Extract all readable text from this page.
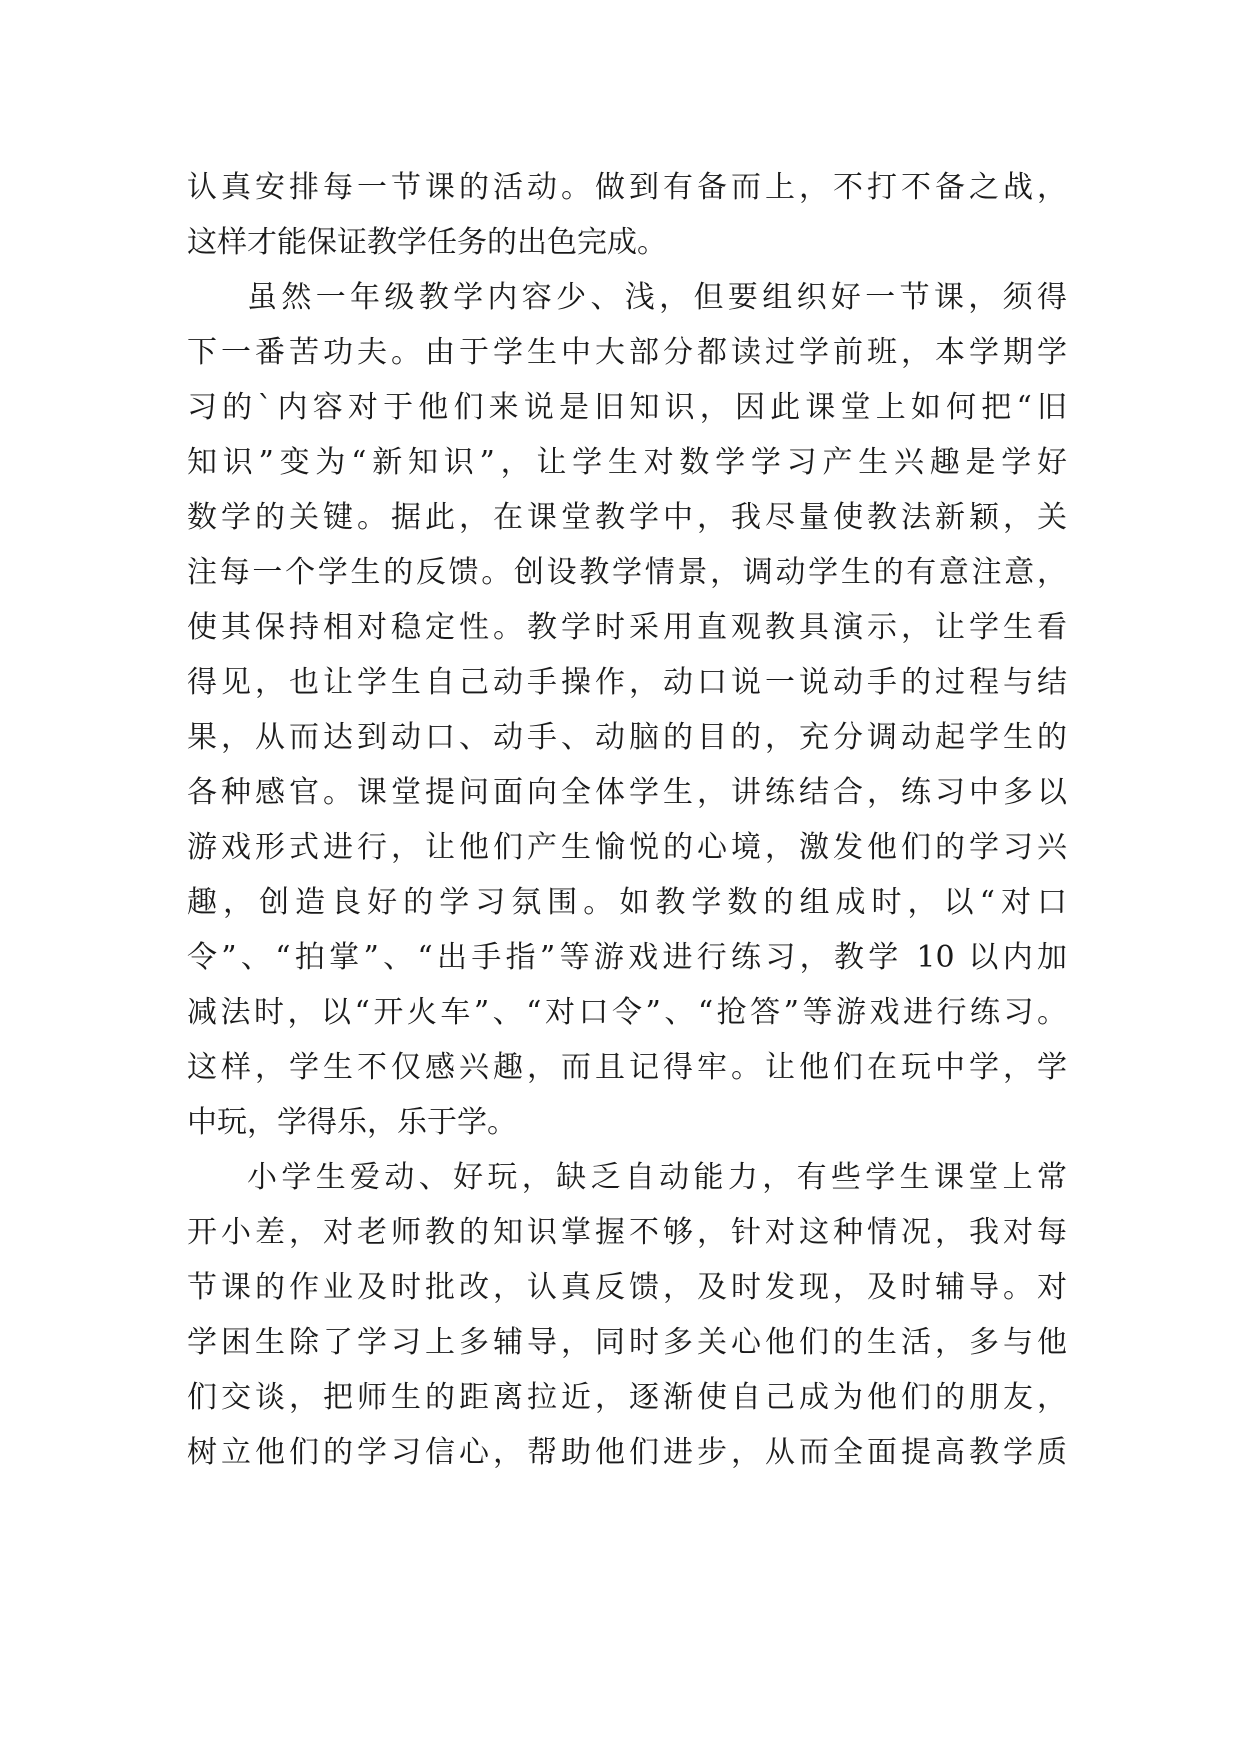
认真安排每一节课的活动。做到有备而上，不打不备之战，
这样才能保证教学任务的出色完成。
虽然一年级教学内容少、浅，但要组织好一节课，须得
下一番苦功夫。由于学生中大部分都读过学前班，本学期学
习的`内容对于他们来说是旧知识，因此课堂上如何把“旧
知识”变为“新知识”，让学生对数学学习产生兴趣是学好
数学的关键。据此，在课堂教学中，我尽量使教法新颖，关
注每一个学生的反馈。创设教学情景，调动学生的有意注意，
使其保持相对稳定性。教学时采用直观教具演示，让学生看
得见，也让学生自己动手操作，动口说一说动手的过程与结
果，从而达到动口、动手、动脑的目的，充分调动起学生的
各种感官。课堂提问面向全体学生，讲练结合，练习中多以
游戏形式进行，让他们产生愉悦的心境，激发他们的学习兴
趣，创造良好的学习氛围。如教学数的组成时，以“对口
令”、“拍掌”、“出手指”等游戏进行练习，教学 10 以内加
减法时，以“开火车”、“对口令”、“抢答”等游戏进行练习。
这样，学生不仅感兴趣，而且记得牢。让他们在玩中学，学
中玩，学得乐，乐于学。
小学生爱动、好玩，缺乏自动能力，有些学生课堂上常
开小差，对老师教的知识掌握不够，针对这种情况，我对每
节课的作业及时批改，认真反馈，及时发现，及时辅导。对
学困生除了学习上多辅导，同时多关心他们的生活，多与他
们交谈，把师生的距离拉近，逐渐使自己成为他们的朋友，
树立他们的学习信心，帮助他们进步，从而全面提高教学质
